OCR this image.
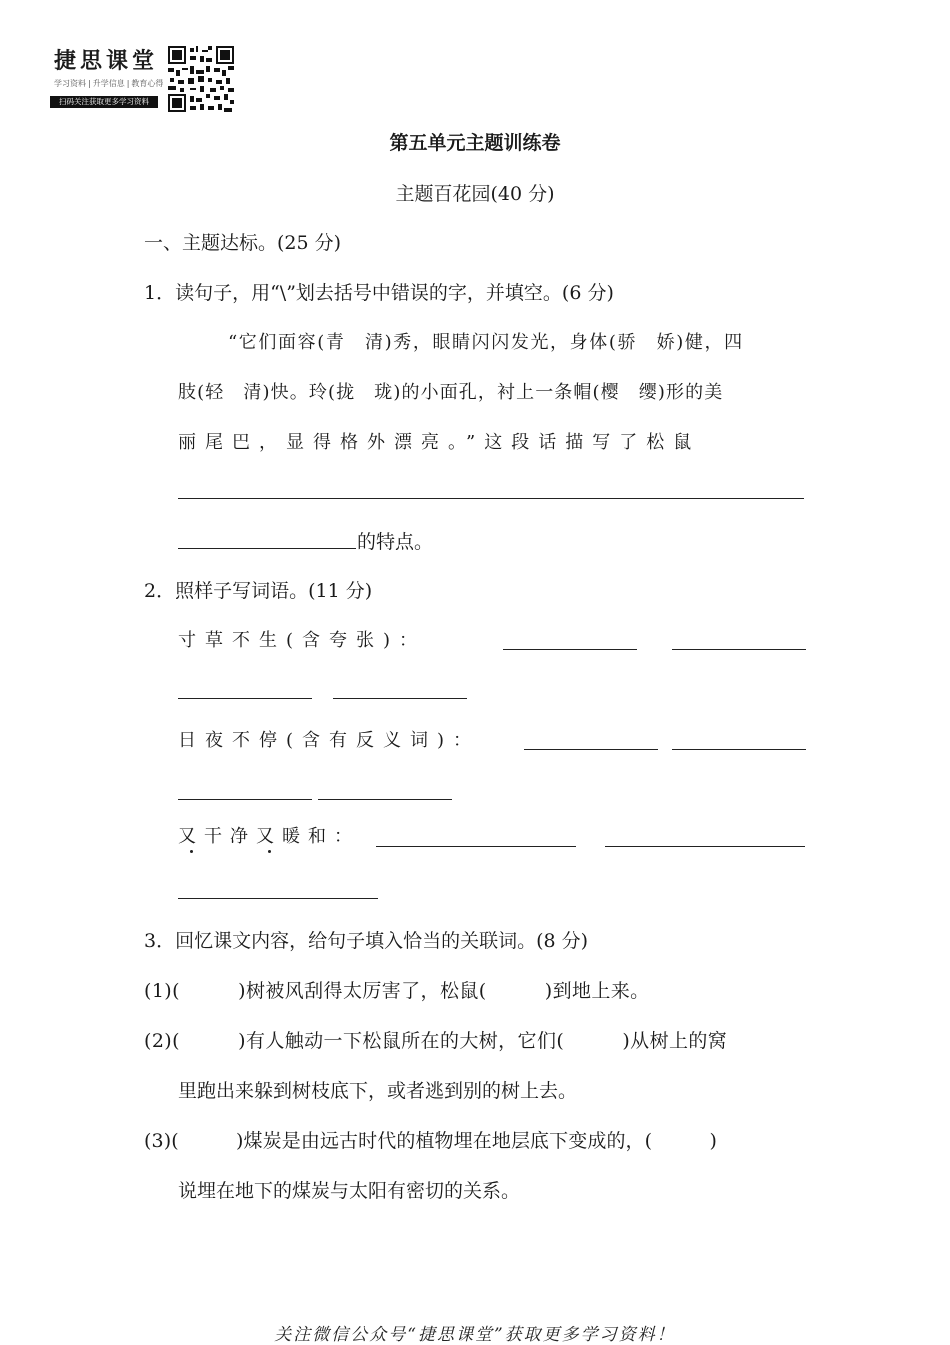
捷思课堂
学习资料 | 升学信息 | 教育心得
扫码关注获取更多学习资料
第五单元主题训练卷
主题百花园(40 分)
一、主题达标。(25 分)
1．读句子，用“\”划去括号中错误的字，并填空。(6 分)
“它们面容(青　清)秀，眼睛闪闪发光，身体(骄　娇)健，四
肢(轻　清)快。玲(拢　珑)的小面孔，衬上一条帽(樱　缨)形的美
丽尾巴，显得格外漂亮。”这段话描写了松鼠
的特点。
2．照样子写词语。(11 分)
寸草不生(含夸张)：
日夜不停(含有反义词)：
又干净又暖和：
3．回忆课文内容，给句子填入恰当的关联词。(8 分)
(1)(　　　)树被风刮得太厉害了，松鼠(　　　)到地上来。
(2)(　　　)有人触动一下松鼠所在的大树，它们(　　　)从树上的窝
里跑出来躲到树枝底下，或者逃到别的树上去。
(3)(　　　)煤炭是由远古时代的植物埋在地层底下变成的，(　　　)
说埋在地下的煤炭与太阳有密切的关系。
关注微信公众号“捷思课堂”获取更多学习资料！
